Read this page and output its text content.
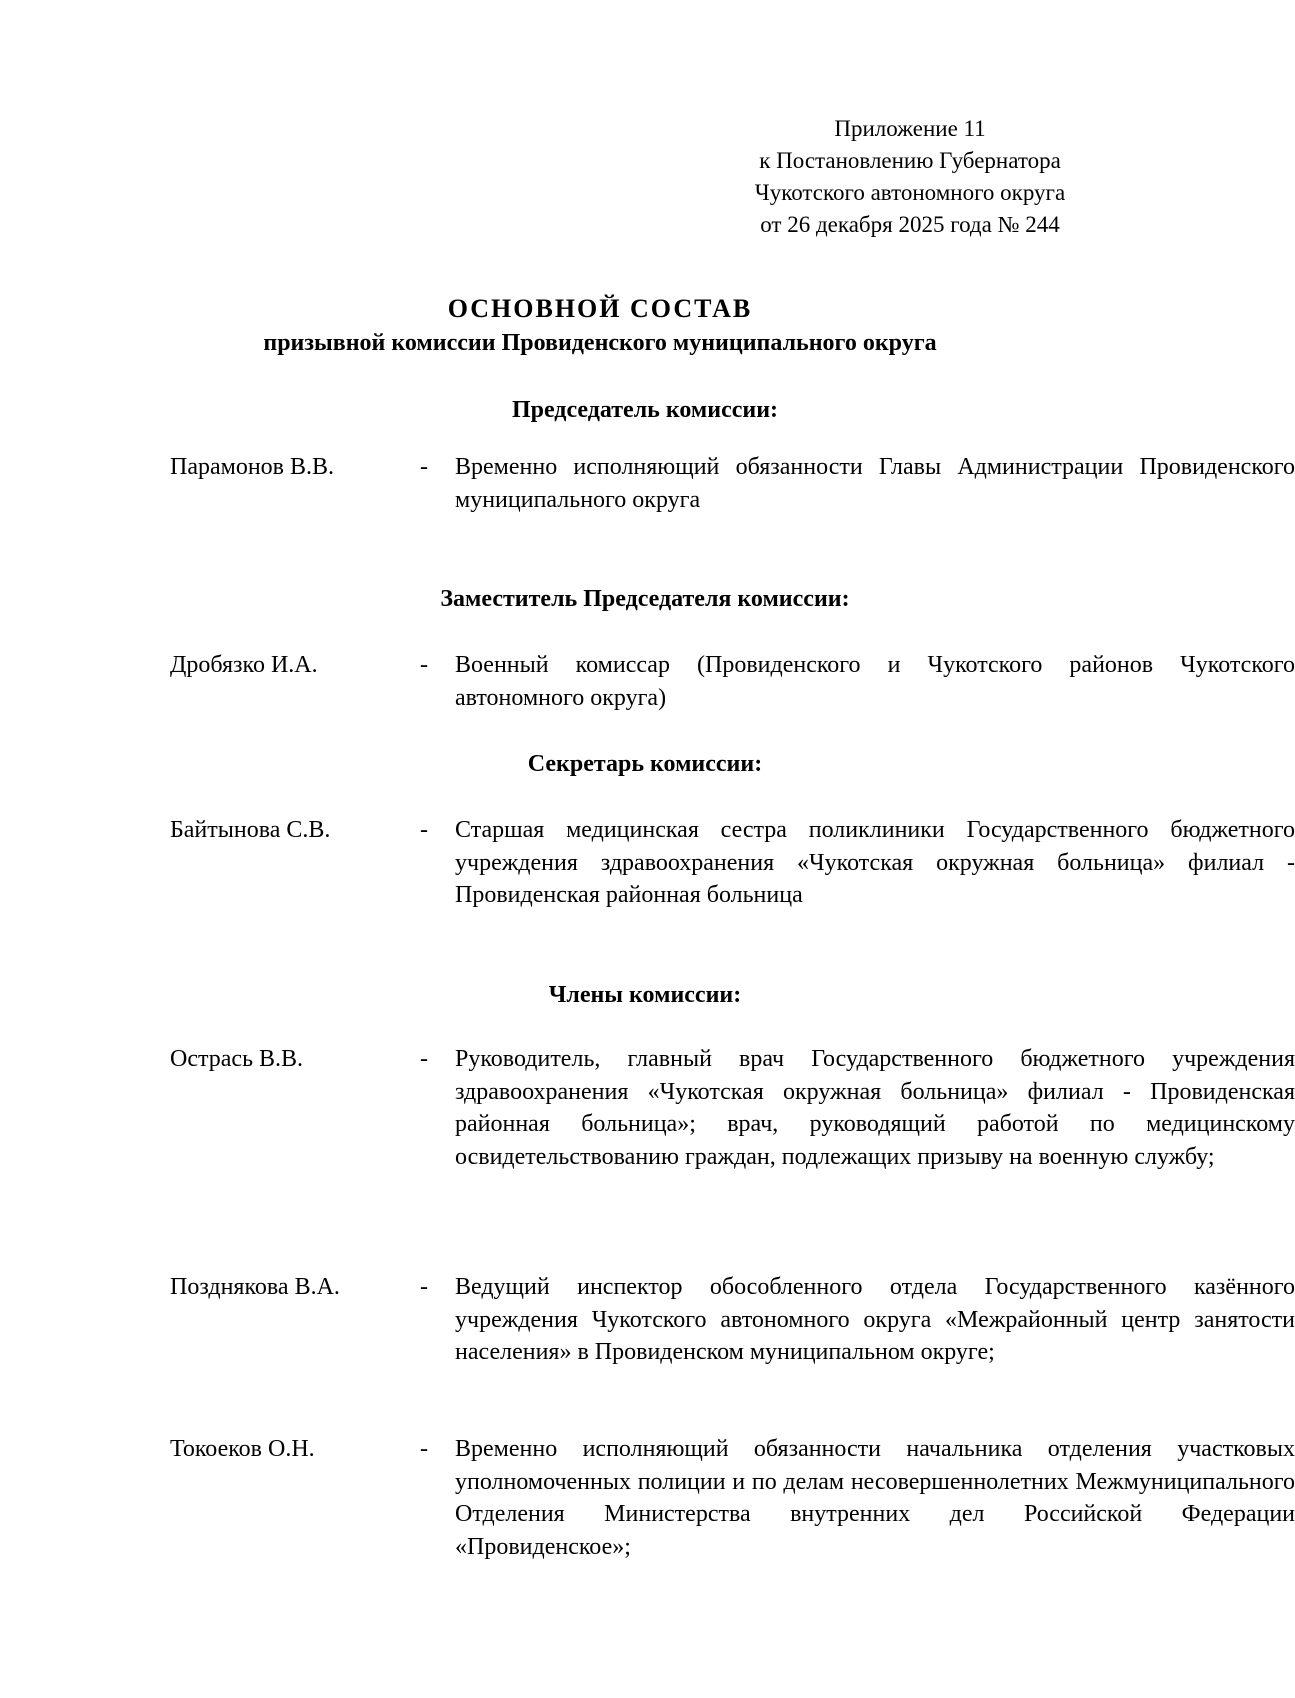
Приложение 11
к Постановлению Губернатора
Чукотского автономного округа
от 26 декабря 2025 года № 244
ОСНОВНОЙ СОСТАВ
призывной комиссии Провиденского муниципального округа
Председатель комиссии:
Парамонов В.В.	- Временно исполняющий обязанности Главы Администрации Провиденского муниципального округа
Заместитель Председателя комиссии:
Дробязко И.А.	- Военный комиссар (Провиденского и Чукотского районов Чукотского автономного округа)
Секретарь комиссии:
Байтынова С.В.	- Старшая медицинская сестра поликлиники Государственного бюджетного учреждения здравоохранения «Чукотская окружная больница» филиал - Провиденская районная больница
Члены комиссии:
Острась В.В.	- Руководитель, главный врач Государственного бюджетного учреждения здравоохранения «Чукотская окружная больница» филиал - Провиденская районная больница»; врач, руководящий работой по медицинскому освидетельствованию граждан, подлежащих призыву на военную службу;
Позднякова В.А.	- Ведущий инспектор обособленного отдела Государственного казённого учреждения Чукотского автономного округа «Межрайонный центр занятости населения» в Провиденском муниципальном округе;
Токоеков О.Н.	- Временно исполняющий обязанности начальника отделения участковых уполномоченных полиции и по делам несовершеннолетних Межмуниципального Отделения Министерства внутренних дел Российской Федерации «Провиденское»;
